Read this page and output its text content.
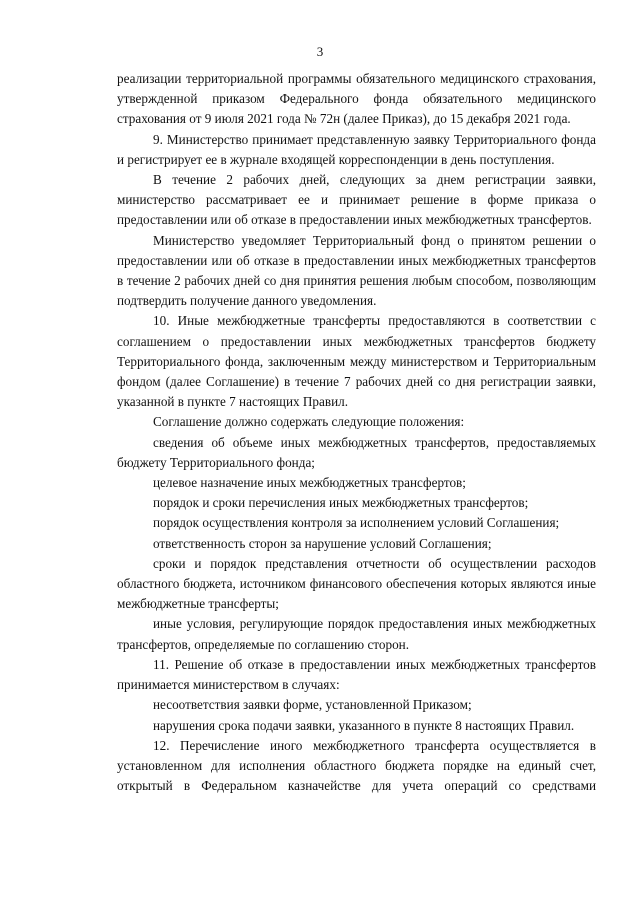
3

реализации территориальной программы обязательного медицинского страхования, утвержденной приказом Федерального фонда обязательного медицинского страхования от 9 июля 2021 года № 72н (далее Приказ), до 15 декабря 2021 года.

9. Министерство принимает представленную заявку Территориального фонда и регистрирует ее в журнале входящей корреспонденции в день поступления.

В течение 2 рабочих дней, следующих за днем регистрации заявки, министерство рассматривает ее и принимает решение в форме приказа о предоставлении или об отказе в предоставлении иных межбюджетных трансфертов.

Министерство уведомляет Территориальный фонд о принятом решении о предоставлении или об отказе в предоставлении иных межбюджетных трансфертов в течение 2 рабочих дней со дня принятия решения любым способом, позволяющим подтвердить получение данного уведомления.

10. Иные межбюджетные трансферты предоставляются в соответствии с соглашением о предоставлении иных межбюджетных трансфертов бюджету Территориального фонда, заключенным между министерством и Территориальным фондом (далее Соглашение) в течение 7 рабочих дней со дня регистрации заявки, указанной в пункте 7 настоящих Правил.

Соглашение должно содержать следующие положения:

сведения об объеме иных межбюджетных трансфертов, предоставляемых бюджету Территориального фонда;

целевое назначение иных межбюджетных трансфертов;

порядок и сроки перечисления иных межбюджетных трансфертов;

порядок осуществления контроля за исполнением условий Соглашения;

ответственность сторон за нарушение условий Соглашения;

сроки и порядок представления отчетности об осуществлении расходов областного бюджета, источником финансового обеспечения которых являются иные межбюджетные трансферты;

иные условия, регулирующие порядок предоставления иных межбюджетных трансфертов, определяемые по соглашению сторон.

11. Решение об отказе в предоставлении иных межбюджетных трансфертов принимается министерством в случаях:

несоответствия заявки форме, установленной Приказом;

нарушения срока подачи заявки, указанного в пункте 8 настоящих Правил.

12. Перечисление иного межбюджетного трансферта осуществляется в установленном для исполнения областного бюджета порядке на единый счет, открытый в Федеральном казначействе для учета операций со средствами
